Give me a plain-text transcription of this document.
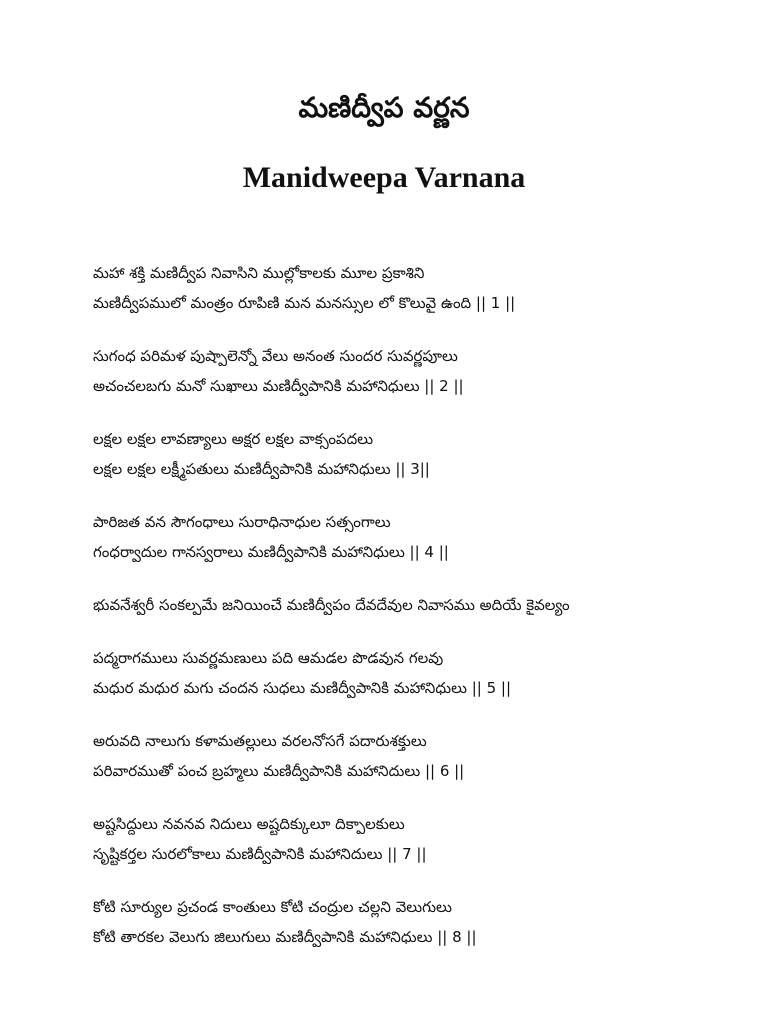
మణిద్వీప వర్ణన
Manidweepa Varnana
మహా శక్తి మణిద్వీప నివాసిని ముల్లోకాలకు మూల ప్రకాశిని
మణిద్వీపములో మంత్రం రూపిణి మన మనస్సుల లో కొలువై ఉంది || 1 ||
సుగంధ పరిమళ పుష్పాలెన్నో వేలు అనంత సుందర సువర్ణపూలు
అచంచలబగు మనో సుఖాలు మణిద్వీపానికి మహానిధులు || 2 ||
లక్షల లక్షల లావణ్యాలు అక్షర లక్షల వాక్సంపదలు
లక్షల లక్షల లక్ష్మీపతులు మణిద్వీపానికి మహానిధులు || 3||
పారిజత వన సౌగంధాలు సురాధినాధుల సత్సంగాలు
గంధర్వాదుల గానస్వరాలు మణిద్వీపానికి మహానిధులు || 4 ||
భువనేశ్వరీ సంకల్పమే జనియించే మణిద్వీపం దేవదేవుల నివాసము అదియే కైవల్యం
పద్మరాగములు సువర్ణమణులు పది ఆమడల పొడవున గలవు
మధుర మధుర మగు చందన సుధలు మణిద్వీపానికి మహానిధులు || 5 ||
అరువది నాలుగు కళామతల్లులు వరలనోసగే పదారుశక్తులు
పరివారముతో పంచ బ్రహ్మలు మణిద్వీపానికి మహానిదులు || 6 ||
అష్టసిద్దులు నవనవ నిదులు అష్టదిక్కులూ దిక్పాలకులు
సృష్టికర్తల సురలోకాలు మణిద్వీపానికి మహానిదులు || 7 ||
కోటి సూర్యుల ప్రచండ కాంతులు కోటి చంద్రుల చల్లని వెలుగులు
కోటి తారకల వెలుగు జిలుగులు మణిద్వీపానికి మహానిధులు || 8 ||
